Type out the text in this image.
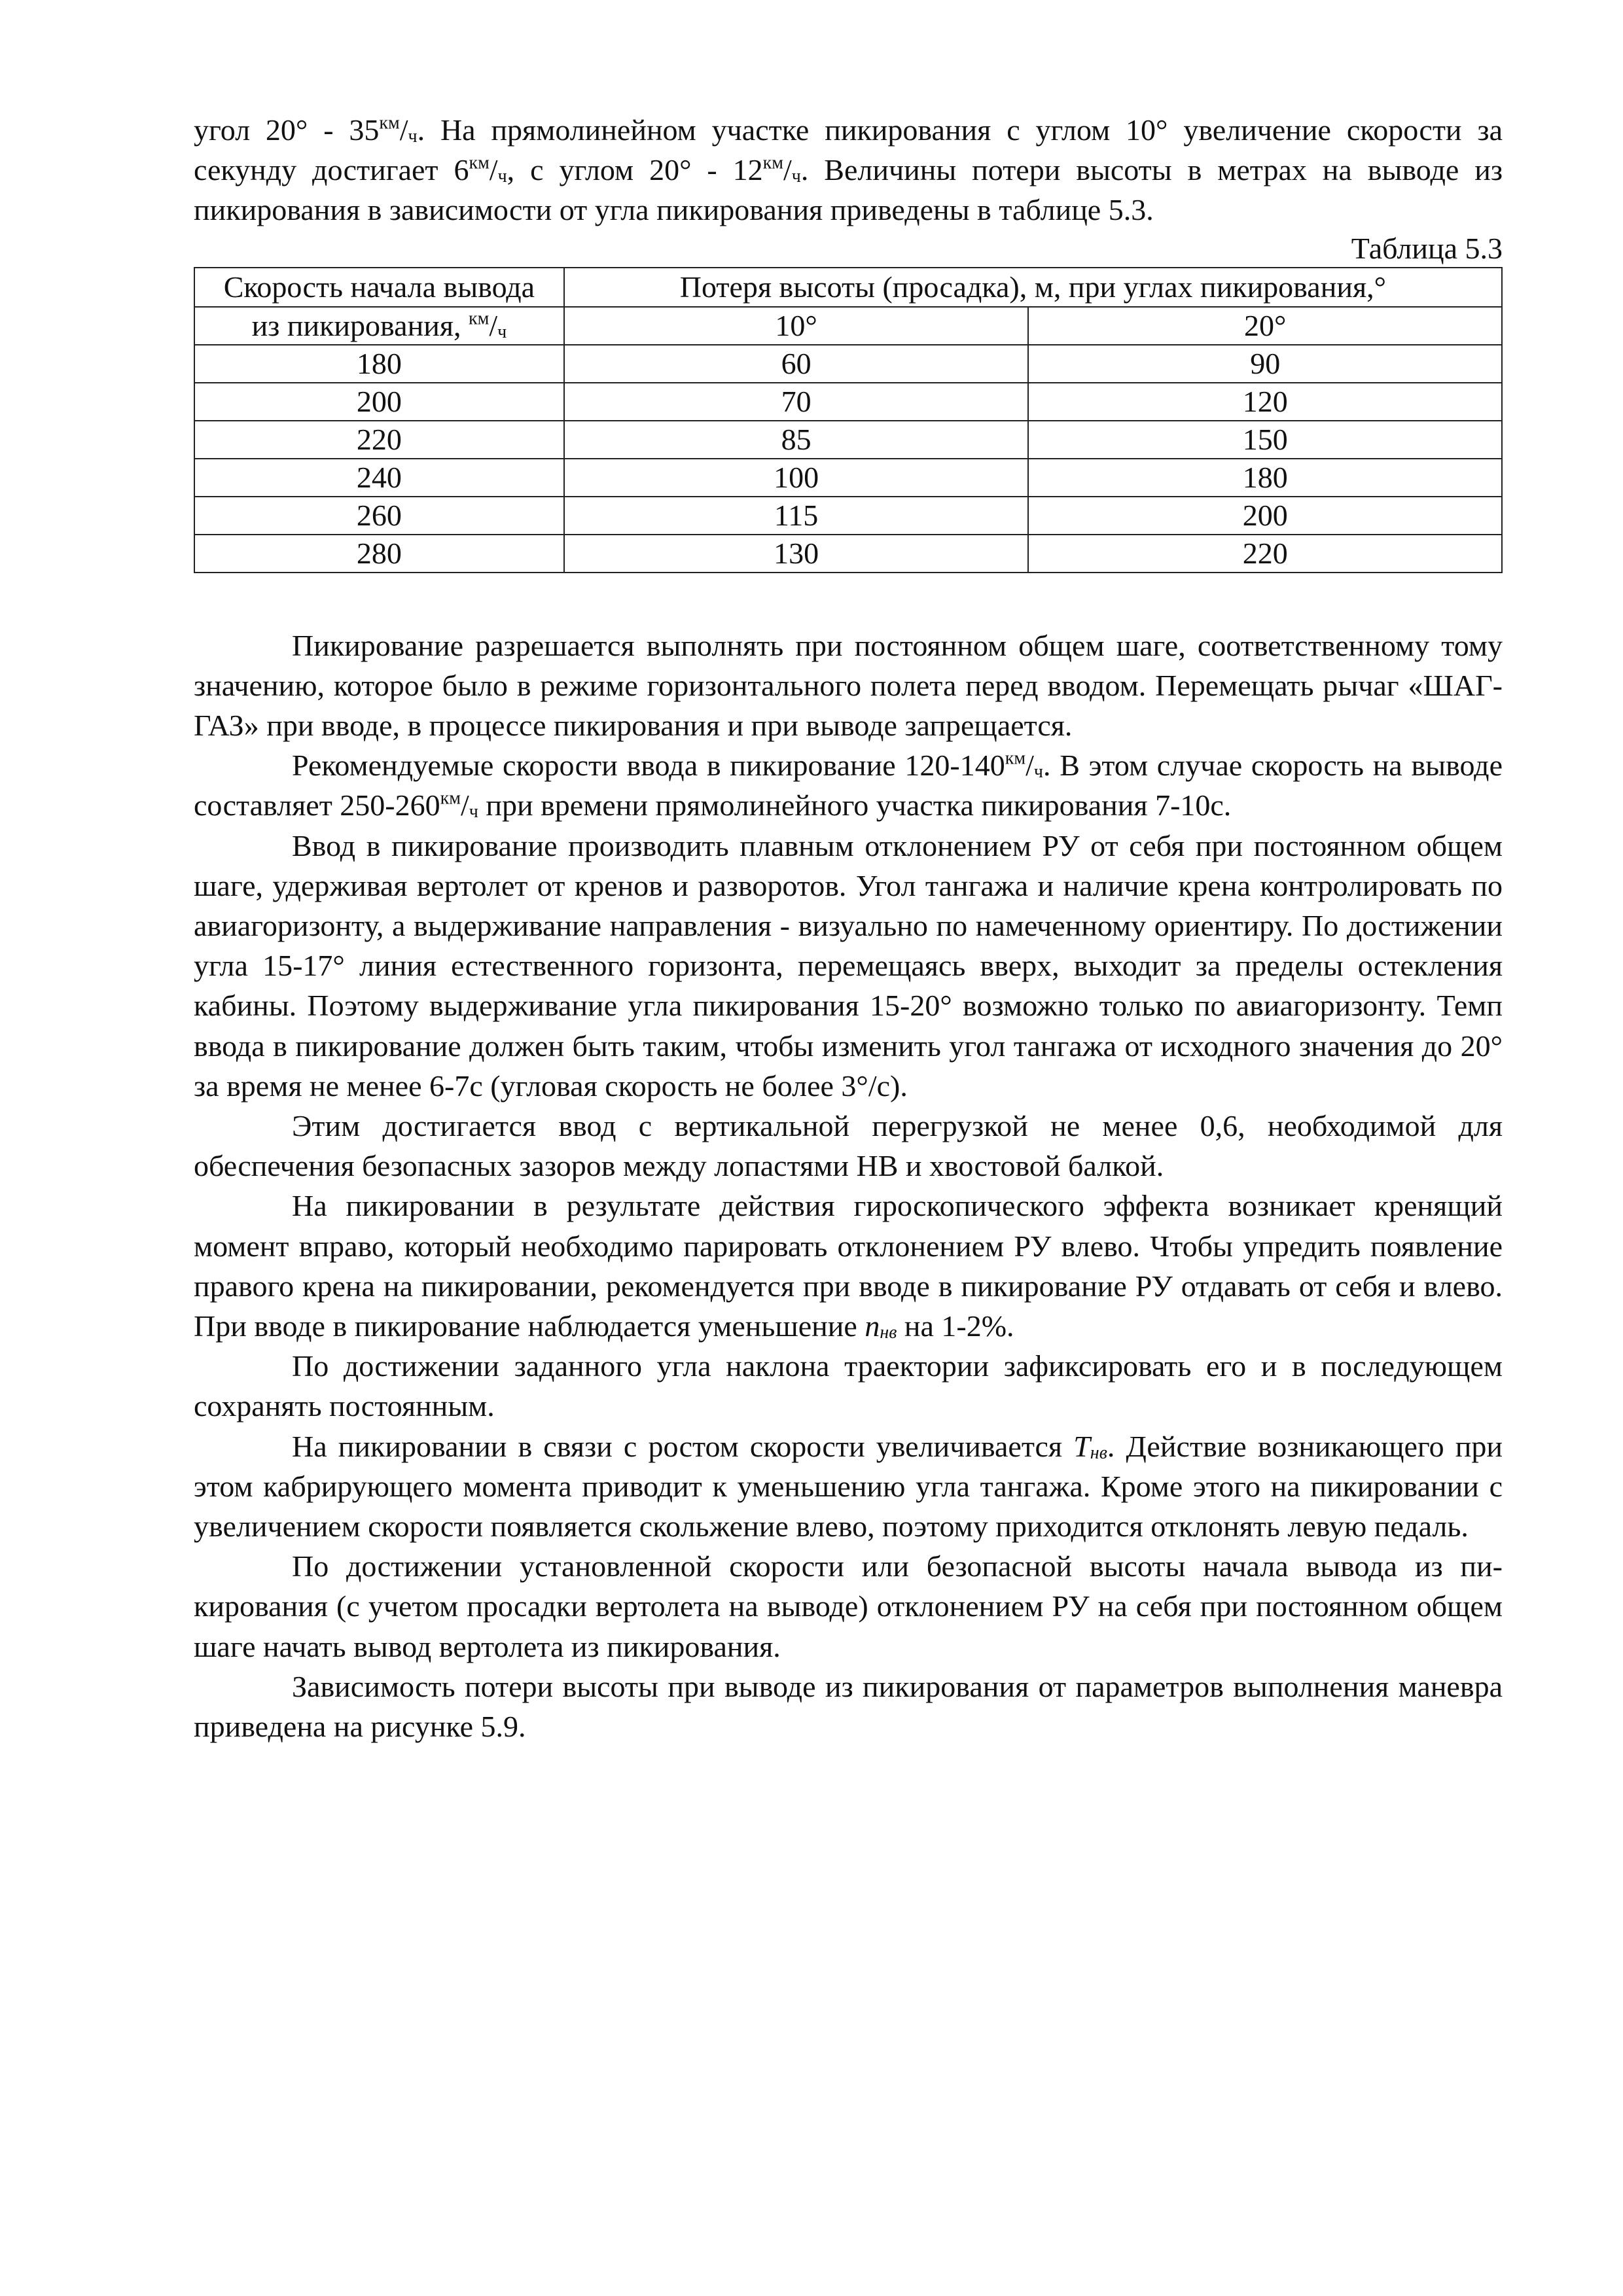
угол $20^\circ - 35^{км}/_ч$. На прямолинейном участке пикирования с углом 10° увеличение скорости за секунду достигает $6^{км}/_ч$, с углом $20^\circ - 12^{км}/_ч$. Величины потери высоты в метрах на выводе из пикирования в зависимости от угла пикирования приведены в таблице 5.3.

Таблица 5.3

Скорость начала вывода	Потеря высоты (просадка), м, при углах пикирования,°	
из пикирования, $^{км}/_ч$	10°	20°
180	60	90
200	70	120
220	85	150
240	100	180
260	115	200
280	130	220

Пикирование разрешается выполнять при постоянном общем шаге, соответственному тому значению, которое было в режиме горизонтального полета перед вводом. Перемещать рычаг «ШАГ-ГАЗ» при вводе, в процессе пикирования и при выводе запрещается.

Рекомендуемые скорости ввода в пикирование $120-140^{км}/_ч$. В этом случае скорость на выводе составляет $250-260^{км}/_ч$ при времени прямолинейного участка пикирования 7-10с.

Ввод в пикирование производить плавным отклонением РУ от себя при постоянном общем шаге, удерживая вертолет от кренов и разворотов. Угол тангажа и наличие крена контролировать по авиагоризонту, а выдерживание направления - визуально по намеченному ориентиру. По достижении угла 15-17° линия естественного горизонта, перемещаясь вверх, выходит за пределы остекления кабины. Поэтому выдерживание угла пикирования 15-20° возможно только по авиагоризонту. Темп ввода в пикирование должен быть таким, чтобы изменить угол тангажа от исходного значения до 20° за время не менее 6-7с (угловая скорость не более 3°/с).

Этим достигается ввод с вертикальной перегрузкой не менее 0,6, необходимой для обеспечения безопасных зазоров между лопастями НВ и хвостовой балкой.

На пикировании в результате действия гироскопического эффекта возникает кренящий момент вправо, который необходимо парировать отклонением РУ влево. Чтобы упредить появление правого крена на пикировании, рекомендуется при вводе в пикирование РУ отдавать от себя и влево. При вводе в пикирование наблюдается уменьшение $n_{нв}$ на 1-2%.

По достижении заданного угла наклона траектории зафиксировать его и в последующем сохранять постоянным.

На пикировании в связи с ростом скорости увеличивается $T_{нв}$. Действие возникающего при этом кабрирующего момента приводит к уменьшению угла тангажа. Кроме этого на пикировании с увеличением скорости появляется скольжение влево, поэтому приходится отклонять левую педаль.

По достижении установленной скорости или безопасной высоты начала вывода из пикирования (с учетом просадки вертолета на выводе) отклонением РУ на себя при постоянном общем шаге начать вывод вертолета из пикирования.

Зависимость потери высоты при выводе из пикирования от параметров выполнения маневра приведена на рисунке 5.9.
